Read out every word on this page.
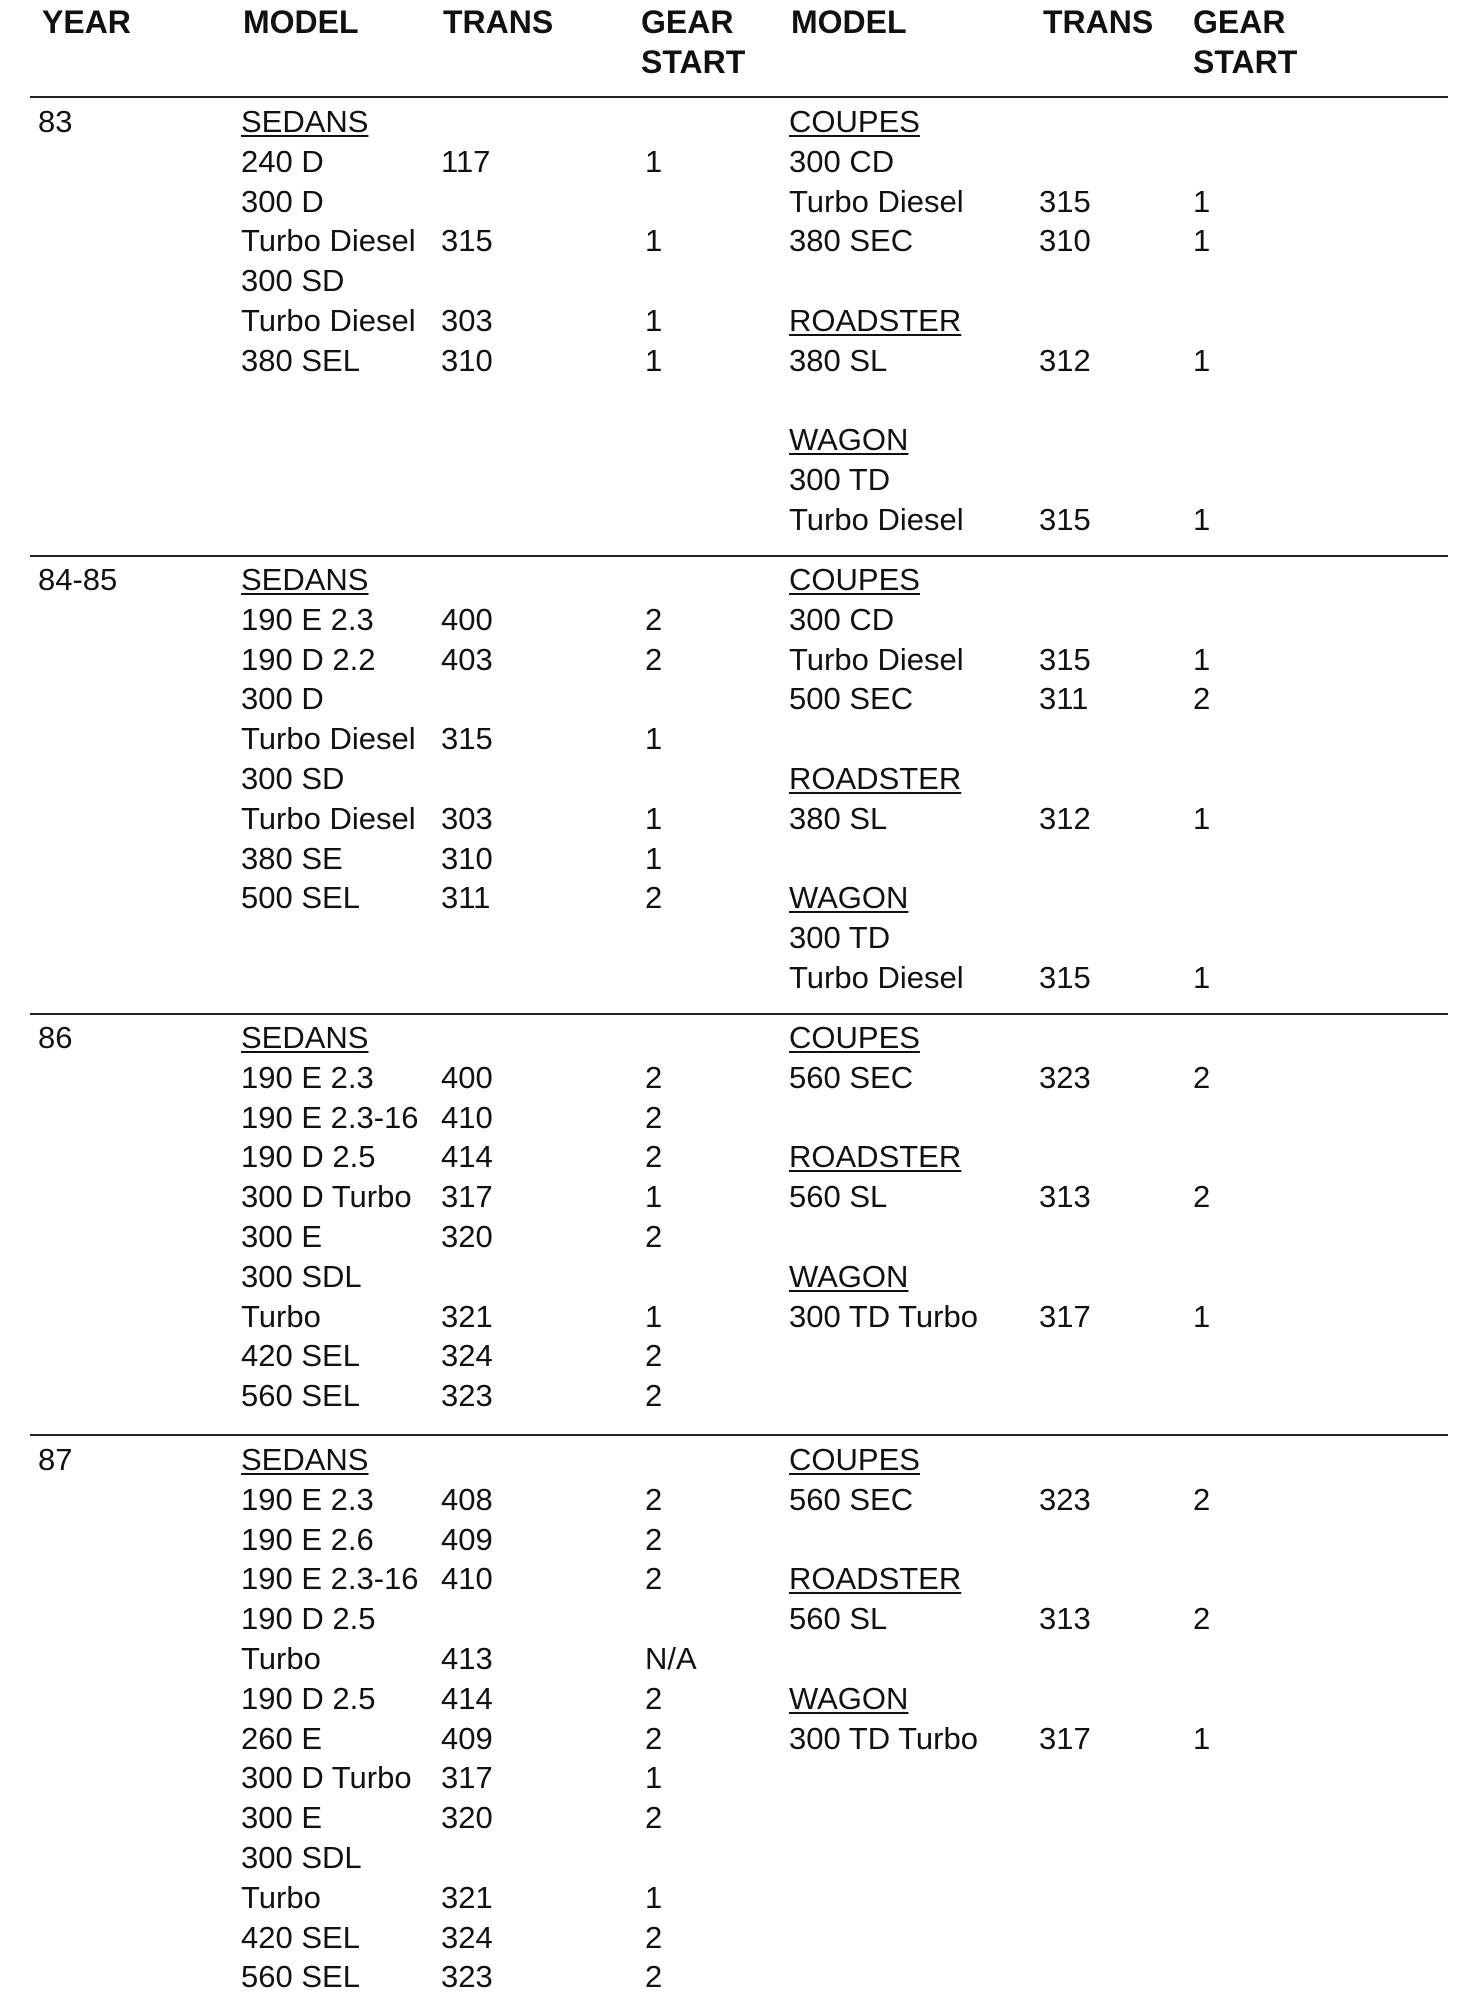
YEAR	MODEL	TRANS	GEAR
START
MODEL	TRANS GEAR
START
83	SEDANS
240 D	117	1
300 D
Turbo Diesel 315	1
300 SD
Turbo Diesel 303	1
380 SEL	310	1
COUPES
300 CD
Turbo Diesel 315	1
380 SEC	310	1
ROADSTER
380 SL	312	1
WAGON
300 TD
Turbo Diesel 315	1
84-85	SEDANS
190 E 2.3 400	2
190 D 2.2 403	2
300 D
Turbo Diesel 315	1
300 SD
Turbo Diesel 303	1
380 SE	310	1
500 SEL	311	2
COUPES
300 CD
Turbo Diesel 315	1
500 SEC	311	2
ROADSTER
380 SL	312	1
WAGON
300 TD
Turbo Diesel 315	1
86	SEDANS
190 E 2.3 400	2
190 E 2.3-16 410	2
190 D 2.5 414	2
300 D Turbo 317	1
300 E	320	2
300 SDL
Turbo	321	1
420 SEL	324	2
560 SEL	323	2
COUPES
560 SEC	323	2
ROADSTER
560 SL	313	2
WAGON
300 TD Turbo 317	1
87	SEDANS
190 E 2.3 408	2
190 E 2.6 409	2
190 E 2.3-16 410	2
190 D 2.5
Turbo	413	N/A
190 D 2.5 414	2
260 E	409	2
300 D Turbo 317	1
300 E	320	2
300 SDL
Turbo	321	1
420 SEL	324	2
560 SEL	323	2
COUPES
560 SEC	323	2
ROADSTER
560 SL	313	2
WAGON
300 TD Turbo 317	1
